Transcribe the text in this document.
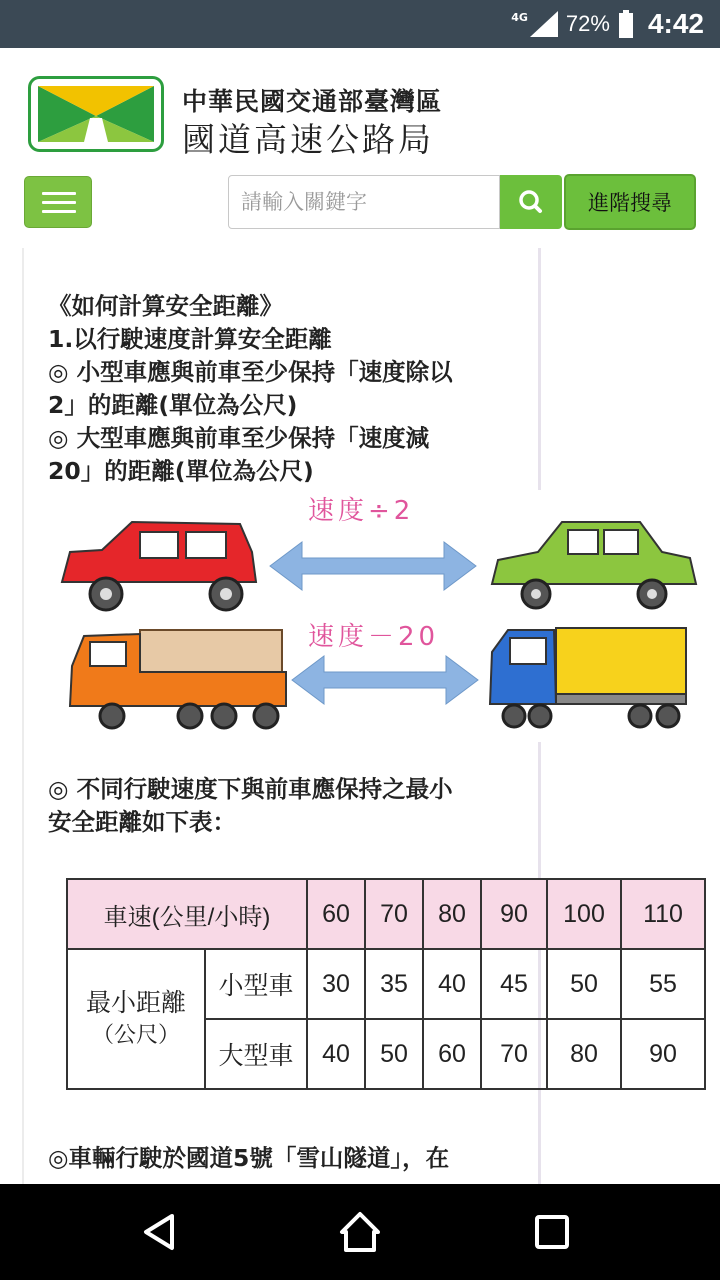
4G 72% 4:42
中華民國交通部臺灣區
國道高速公路局
請輸入關鍵字
進階搜尋
《如何計算安全距離》
1.以行駛速度計算安全距離
◎ 小型車應與前車至少保持「速度除以
2」的距離(單位為公尺)
◎ 大型車應與前車至少保持「速度減
20」的距離(單位為公尺)
速度÷2
速度－20
◎ 不同行駛速度下與前車應保持之最小
安全距離如下表：
車速(公里/小時)		60	70	80	90	100	110

最小距離
（公尺）	小型車	30	35	40	45	50	55
	大型車	40	50	60	70	80	90
◎車輛行駛於國道5號「雪山隧道」，在
